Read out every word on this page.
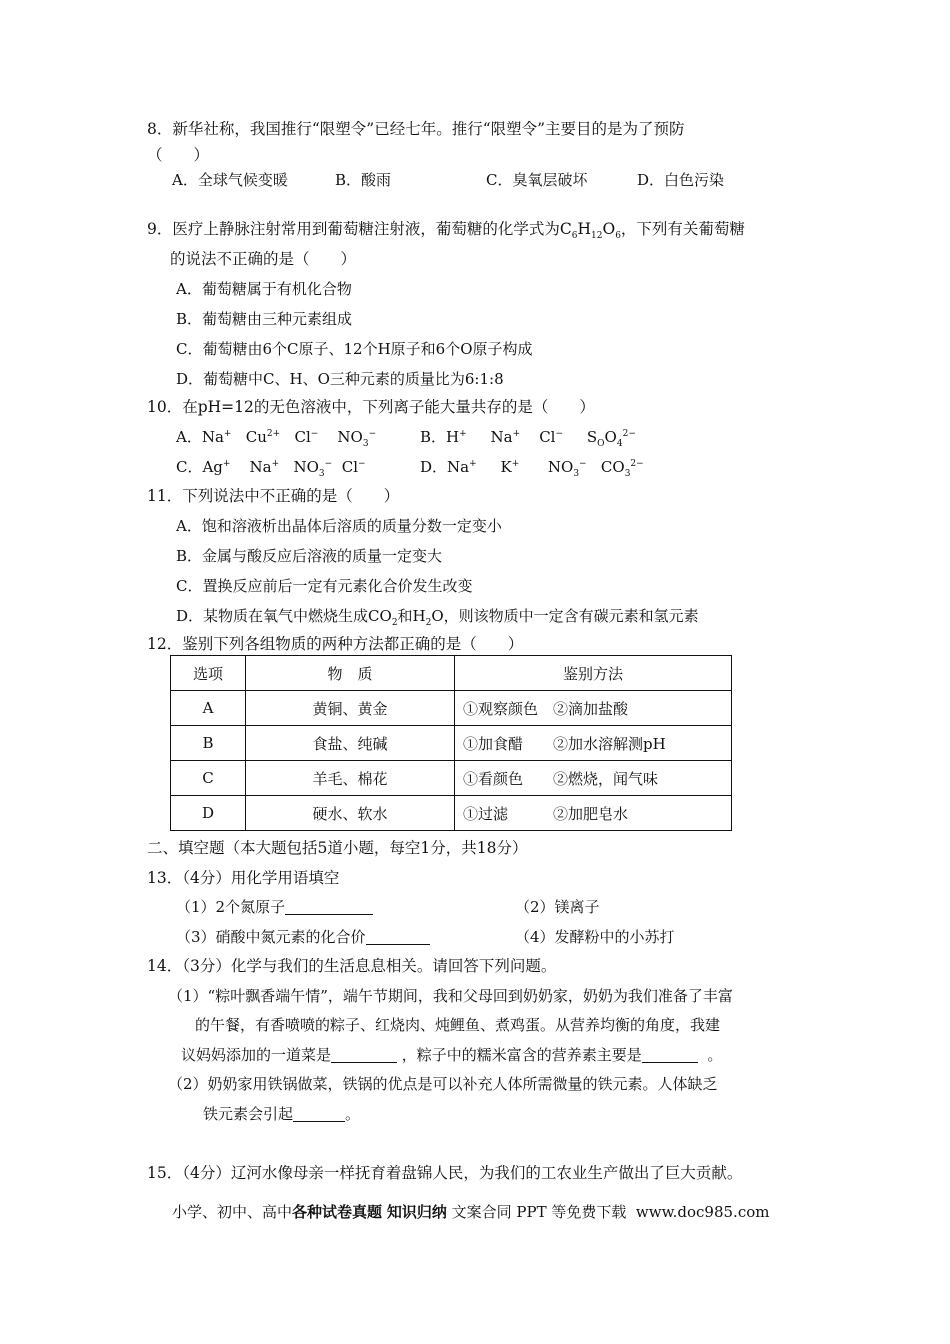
8．新华社称，我国推行“限塑令”已经七年。推行“限塑令”主要目的是为了预防
（　　）
A．全球气候变暖	B．酸雨	C．臭氧层破坏	D．白色污染
9．医疗上静脉注射常用到葡萄糖注射液，葡萄糖的化学式为$C_6H_{12}O_6$，下列有关葡萄糖
的说法不正确的是（　　）
A．葡萄糖属于有机化合物
B．葡萄糖由三种元素组成
C．葡萄糖由6个C原子、12个H原子和6个O原子构成
D．葡萄糖中C、H、O三种元素的质量比为6:1:8
10．在pH=12的无色溶液中，下列离子能大量共存的是（　　）
A．Na+ $Cu^{2+}$ Cl− $NO_3^-$	B．H+ Na+ Cl− $S_OO_4^{2-}$
C．Ag+ Na+ $NO_3^-$ Cl−	D．Na+ K+ $NO_3^-$ $CO_3^{2-}$
11．下列说法中不正确的是（　　）
A．饱和溶液析出晶体后溶质的质量分数一定变小
B．金属与酸反应后溶液的质量一定变大
C．置换反应前后一定有元素化合价发生改变
D．某物质在氧气中燃烧生成$CO_2$和$H_2O$，则该物质中一定含有碳元素和氢元素
12．鉴别下列各组物质的两种方法都正确的是（　　）
选项	物　质	鉴别方法
A	黄铜、黄金	①观察颜色　②滴加盐酸
B	食盐、纯碱	①加食醋　　②加水溶解测pH
C	羊毛、棉花	①看颜色　　②燃烧，闻气味
D	硬水、软水	①过滤　　　②加肥皂水
二、填空题（本大题包括5道小题，每空1分，共18分）
13．（4分）用化学用语填空
（1）2个氮原子	（2）镁离子
（3）硝酸中氮元素的化合价	（4）发酵粉中的小苏打
14．（3分）化学与我们的生活息息相关。请回答下列问题。
（1）“粽叶飘香端午情”，端午节期间，我和父母回到奶奶家，奶奶为我们准备了丰富
的午餐，有香喷喷的粽子、红烧肉、炖鲤鱼、煮鸡蛋。从营养均衡的角度，我建
议妈妈添加的一道菜是	，粽子中的糯米富含的营养素主要是	。
（2）奶奶家用铁锅做菜，铁锅的优点是可以补充人体所需微量的铁元素。人体缺乏
铁元素会引起	。
15．（4分）辽河水像母亲一样抚育着盘锦人民，为我们的工农业生产做出了巨大贡献。
小学、初中、高中各种试卷真题 知识归纳 文案合同 PPT 等免费下载 www.doc985.com
